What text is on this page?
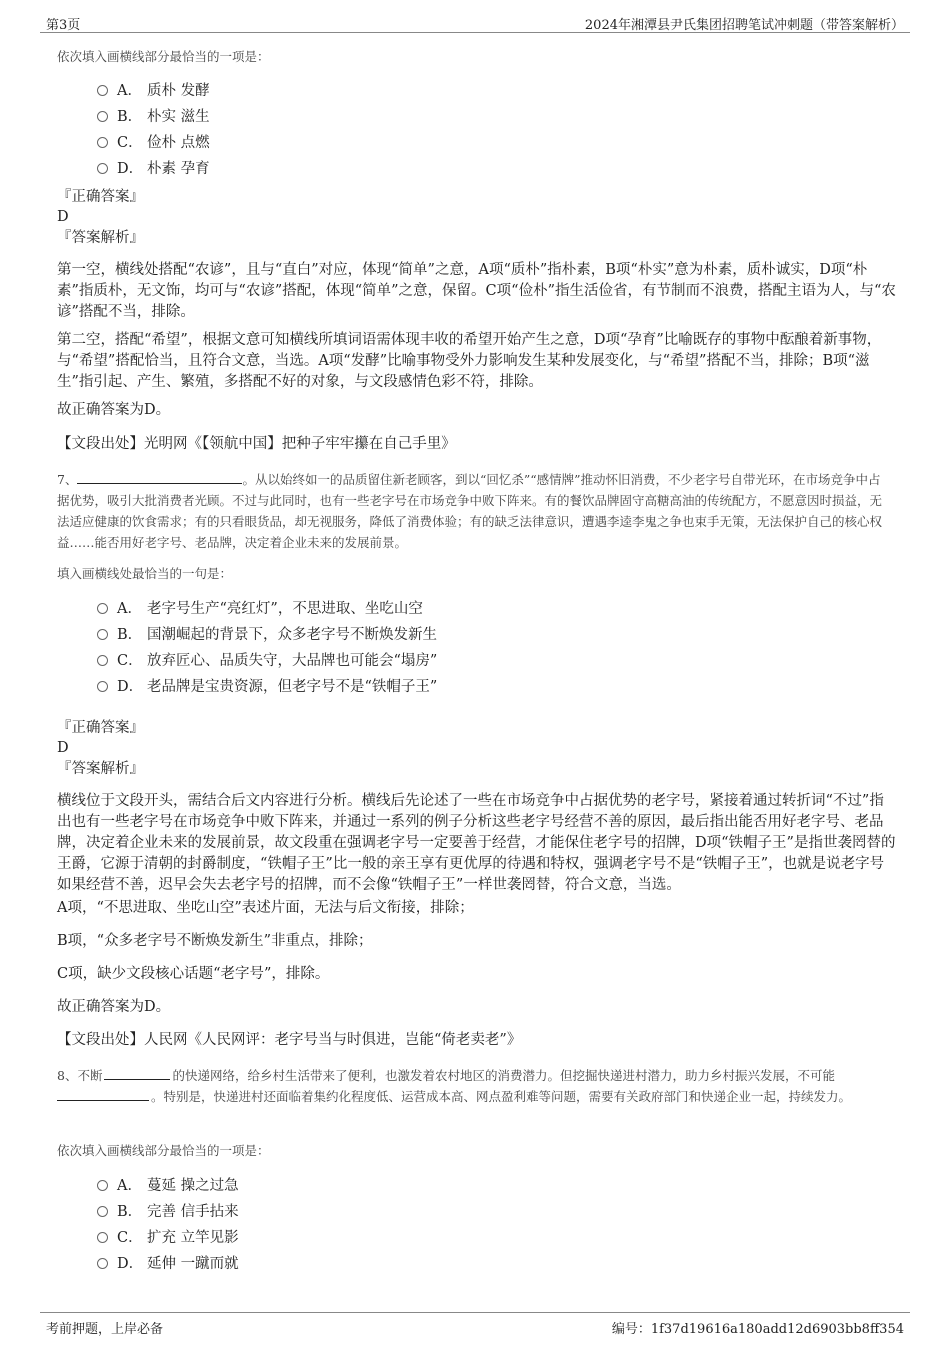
第3页	2024年湘潭县尹氏集团招聘笔试冲刺题（带答案解析）
依次填入画横线部分最恰当的一项是：
A． 质朴 发酵
B． 朴实 滋生
C． 俭朴 点燃
D． 朴素 孕育
『正确答案』
D
『答案解析』
第一空，横线处搭配“农谚”，且与“直白”对应，体现“简单”之意，A项“质朴”指朴素，B项“朴实”意为朴素，质朴诚实，D项“朴素”指质朴，无文饰，均可与“农谚”搭配，体现“简单”之意，保留。C项“俭朴”指生活俭省，有节制而不浪费，搭配主语为人，与“农谚”搭配不当，排除。
第二空，搭配“希望”，根据文意可知横线所填词语需体现丰收的希望开始产生之意，D项“孕育”比喻既存的事物中酝酿着新事物，与“希望”搭配恰当，且符合文意，当选。A项“发酵”比喻事物受外力影响发生某种发展变化，与“希望”搭配不当，排除；B项“滋生”指引起、产生、繁殖，多搭配不好的对象，与文段感情色彩不符，排除。
故正确答案为D。
【文段出处】光明网《【领航中国】把种子牢牢攥在自己手里》
7、	。从以始终如一的品质留住新老顾客，到以“回忆杀”“感情牌”推动怀旧消费，不少老字号自带光环，在市场竞争中占据优势，吸引大批消费者光顾。不过与此同时，也有一些老字号在市场竞争中败下阵来。有的餐饮品牌固守高糖高油的传统配方，不愿意因时损益，无法适应健康的饮食需求；有的只看眼货品，却无视服务，降低了消费体验；有的缺乏法律意识，遭遇李逵李鬼之争也束手无策，无法保护自己的核心权益……能否用好老字号、老品牌，决定着企业未来的发展前景。
填入画横线处最恰当的一句是：
A． 老字号生产“亮红灯”，不思进取、坐吃山空
B． 国潮崛起的背景下，众多老字号不断焕发新生
C． 放弃匠心、品质失守，大品牌也可能会“塌房”
D． 老品牌是宝贵资源，但老字号不是“铁帽子王”
『正确答案』
D
『答案解析』
横线位于文段开头，需结合后文内容进行分析。横线后先论述了一些在市场竞争中占据优势的老字号，紧接着通过转折词“不过”指出也有一些老字号在市场竞争中败下阵来，并通过一系列的例子分析这些老字号经营不善的原因，最后指出能否用好老字号、老品牌，决定着企业未来的发展前景，故文段重在强调老字号一定要善于经营，才能保住老字号的招牌，D项“铁帽子王”是指世袭罔替的王爵，它源于清朝的封爵制度，“铁帽子王”比一般的亲王享有更优厚的待遇和特权，强调老字号不是“铁帽子王”，也就是说老字号如果经营不善，迟早会失去老字号的招牌，而不会像“铁帽子王”一样世袭罔替，符合文意，当选。
A项，“不思进取、坐吃山空”表述片面，无法与后文衔接，排除；
B项，“众多老字号不断焕发新生”非重点，排除；
C项，缺少文段核心话题“老字号”，排除。
故正确答案为D。
【文段出处】人民网《人民网评：老字号当与时俱进，岂能“倚老卖老”》
8、不断	的快递网络，给乡村生活带来了便利，也激发着农村地区的消费潜力。但挖掘快递进村潜力，助力乡村振兴发展，不可能。特别是，快递进村还面临着集约化程度低、运营成本高、网点盈利难等问题，需要有关政府部门和快递企业一起，持续发力。
依次填入画横线部分最恰当的一项是：
A． 蔓延 操之过急
B． 完善 信手拈来
C． 扩充 立竿见影
D． 延伸 一蹴而就
考前押题，上岸必备	编号：1f37d19616a180add12d6903bb8ff354
